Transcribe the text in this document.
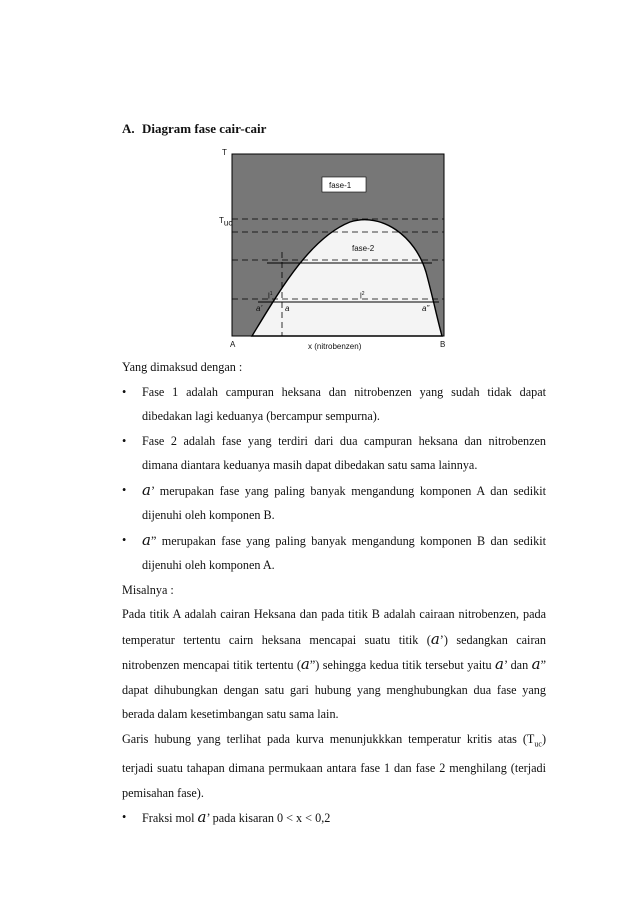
A. Diagram fase cair-cair
T
$T_{uc}$
fase-1
fase-2
$l^1$	$l^2$
a’	a	a”
A	x (nitrobenzen)	B

Yang dimaksud dengan :

• Fase 1 adalah campuran heksana dan nitrobenzen yang sudah tidak dapat dibedakan lagi keduanya (bercampur sempurna).
• Fase 2 adalah fase yang terdiri dari dua campuran heksana dan nitrobenzen dimana diantara keduanya masih dapat dibedakan satu sama lainnya.
• a’ merupakan fase yang paling banyak mengandung komponen A dan sedikit dijenuhi oleh komponen B.
• a” merupakan fase yang paling banyak mengandung komponen B dan sedikit dijenuhi oleh komponen A.

Misalnya :

Pada titik A adalah cairan Heksana dan pada titik B adalah cairaan nitrobenzen, pada temperatur tertentu cairn heksana mencapai suatu titik (a’) sedangkan cairan nitrobenzen mencapai titik tertentu (a”) sehingga kedua titik tersebut yaitu a’ dan a” dapat dihubungkan dengan satu gari hubung yang menghubungkan dua fase yang berada dalam kesetimbangan satu sama lain.

Garis hubung yang terlihat pada kurva menunjukkkan temperatur kritis atas $(T_{uc})$ terjadi suatu tahapan dimana permukaan antara fase 1 dan fase 2 menghilang (terjadi pemisahan fase).

• Fraksi mol a’ pada kisaran 0 < x < 0,2
